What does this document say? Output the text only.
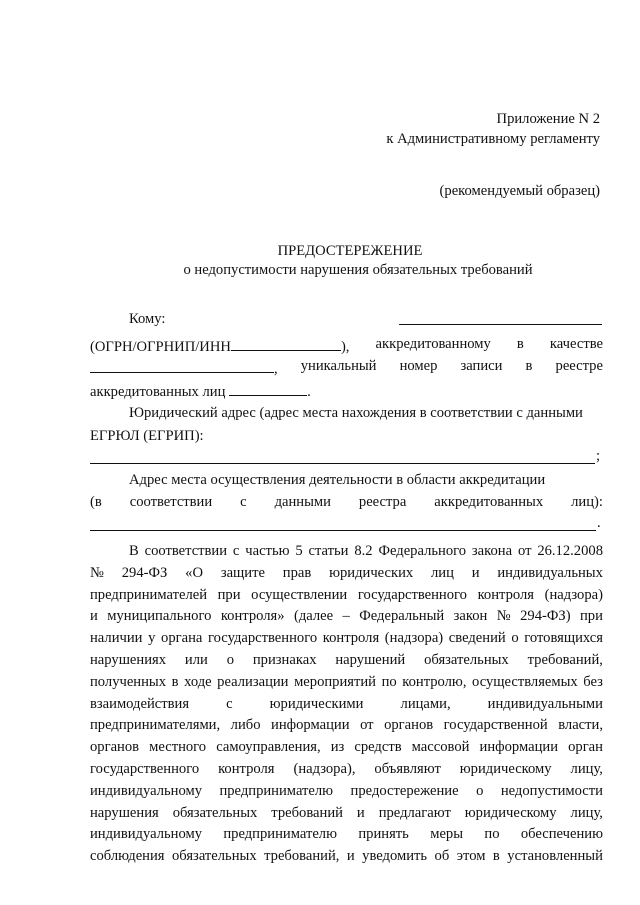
Приложение N 2
к Административному регламенту
(рекомендуемый образец)
ПРЕДОСТЕРЕЖЕНИЕ
о недопустимости нарушения обязательных требований
Кому:
(ОГРН/ОГРНИП/ИНН	), аккредитованному в качестве
, уникальный номер записи в реестре
аккредитованных лиц	.
Юридический адрес (адрес места нахождения в соответствии с данными
ЕГРЮЛ (ЕГРИП):
;
Адрес места осуществления деятельности в области аккредитации
(в соответствии с данными реестра аккредитованных лиц):
.
В соответствии с частью 5 статьи 8.2 Федерального закона от 26.12.2008
№ 294-ФЗ «О защите прав юридических лиц и индивидуальных
предпринимателей при осуществлении государственного контроля (надзора)
и муниципального контроля» (далее – Федеральный закон № 294-ФЗ) при
наличии у органа государственного контроля (надзора) сведений о готовящихся
нарушениях или о признаках нарушений обязательных требований,
полученных в ходе реализации мероприятий по контролю, осуществляемых без
взаимодействия	с	юридическими	лицами,	индивидуальными
предпринимателями, либо информации от органов государственной власти,
органов местного самоуправления, из средств массовой информации орган
государственного контроля (надзора), объявляют юридическому лицу,
индивидуальному предпринимателю предостережение о недопустимости
нарушения обязательных требований и предлагают юридическому лицу,
индивидуальному предпринимателю принять меры по обеспечению
соблюдения обязательных требований, и уведомить об этом в установленный
